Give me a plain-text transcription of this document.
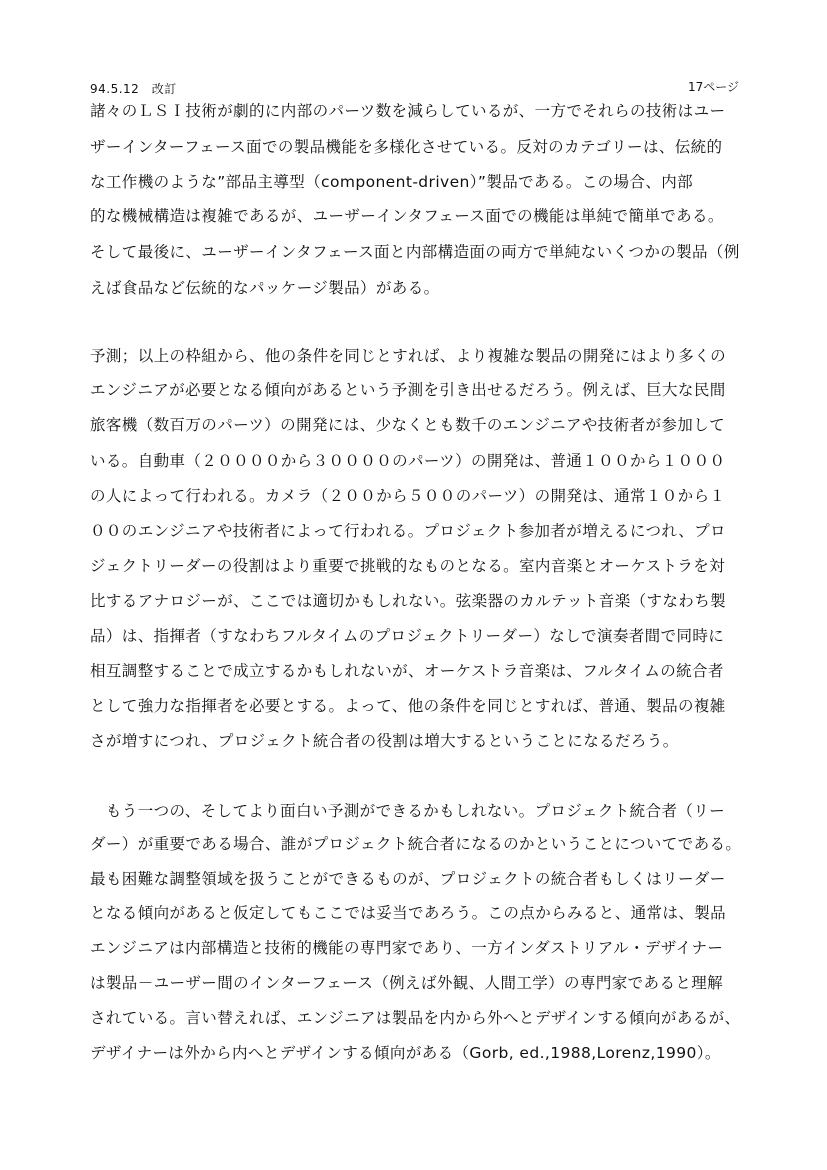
94.5.12　改訂	17ページ
諸々のＬＳＩ技術が劇的に内部のパーツ数を減らしているが、一方でそれらの技術はユー
ザーインターフェース面での製品機能を多様化させている。反対のカテゴリーは、伝統的
な工作機のような”部品主導型（component-driven）”製品である。この場合、内部
的な機械構造は複雑であるが、ユーザーインタフェース面での機能は単純で簡単である。
そして最後に、ユーザーインタフェース面と内部構造面の両方で単純ないくつかの製品（例
えば食品など伝統的なパッケージ製品）がある。
予測；以上の枠組から、他の条件を同じとすれば、より複雑な製品の開発にはより多くの
エンジニアが必要となる傾向があるという予測を引き出せるだろう。例えば、巨大な民間
旅客機（数百万のパーツ）の開発には、少なくとも数千のエンジニアや技術者が参加して
いる。自動車（２００００から３００００のパーツ）の開発は、普通１００から１０００
の人によって行われる。カメラ（２００から５００のパーツ）の開発は、通常１０から１
００のエンジニアや技術者によって行われる。プロジェクト参加者が増えるにつれ、プロ
ジェクトリーダーの役割はより重要で挑戦的なものとなる。室内音楽とオーケストラを対
比するアナロジーが、ここでは適切かもしれない。弦楽器のカルテット音楽（すなわち製
品）は、指揮者（すなわちフルタイムのプロジェクトリーダー）なしで演奏者間で同時に
相互調整することで成立するかもしれないが、オーケストラ音楽は、フルタイムの統合者
として強力な指揮者を必要とする。よって、他の条件を同じとすれば、普通、製品の複雑
さが増すにつれ、プロジェクト統合者の役割は増大するということになるだろう。
　もう一つの、そしてより面白い予測ができるかもしれない。プロジェクト統合者（リー
ダー）が重要である場合、誰がプロジェクト統合者になるのかということについてである。
最も困難な調整領域を扱うことができるものが、プロジェクトの統合者もしくはリーダー
となる傾向があると仮定してもここでは妥当であろう。この点からみると、通常は、製品
エンジニアは内部構造と技術的機能の専門家であり、一方インダストリアル・デザイナー
は製品－ユーザー間のインターフェース（例えば外観、人間工学）の専門家であると理解
されている。言い替えれば、エンジニアは製品を内から外へとデザインする傾向があるが、
デザイナーは外から内へとデザインする傾向がある（Gorb, ed.,1988,Lorenz,1990）。
